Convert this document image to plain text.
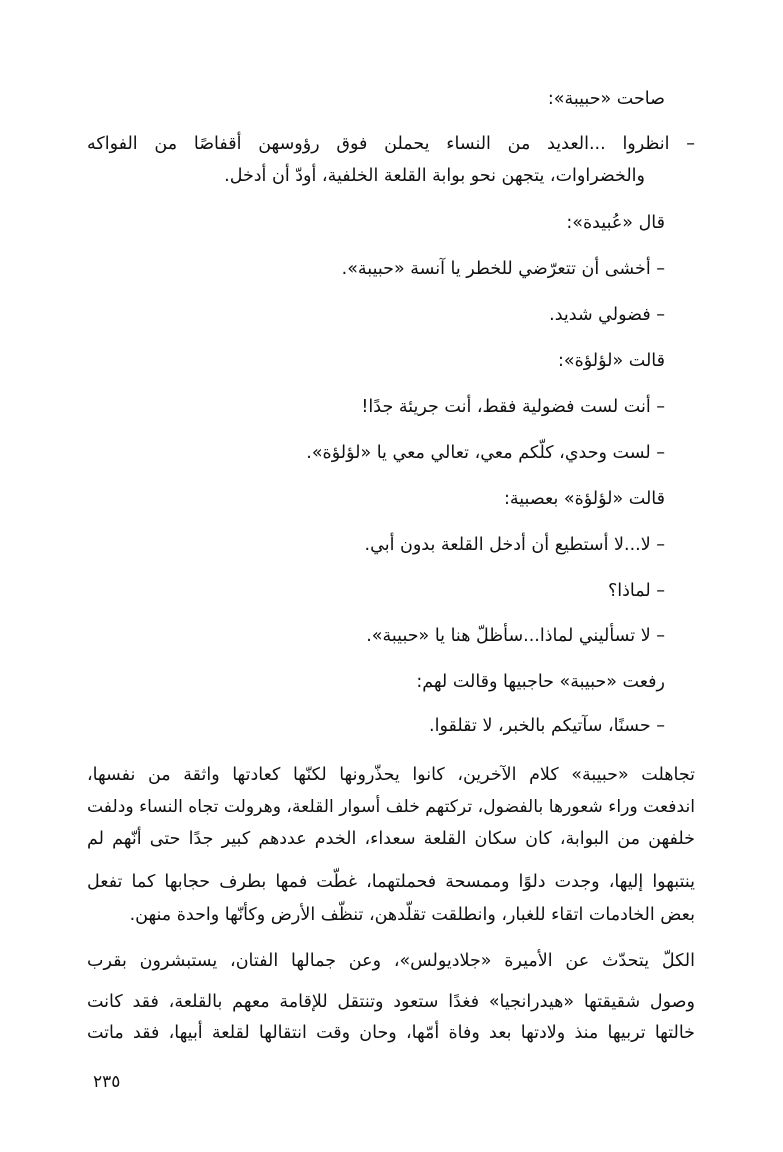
صاحت «حبيبة»:
– انظروا ...العديد من النساء يحملن فوق رؤوسهن أقفاصًا من الفواكه
والخضراوات، يتجهن نحو بوابة القلعة الخلفية، أودّ أن أدخل.
قال «عُبيدة»:
– أخشى أن تتعرّضي للخطر يا آنسة «حبيبة».
– فضولي شديد.
قالت «لؤلؤة»:
– أنت لست فضولية فقط، أنت جريئة جدًا!
– لست وحدي، كلّكم معي، تعالي معي يا «لؤلؤة».
قالت «لؤلؤة» بعصبية:
– لا...لا أستطيع أن أدخل القلعة بدون أبي.
– لماذا؟
– لا تسأليني لماذا...سأظلّ هنا يا «حبيبة».
رفعت «حبيبة» حاجبيها وقالت لهم:
– حسنًا، سآتيكم بالخبر، لا تقلقوا.
تجاهلت «حبيبة» كلام الآخرين، كانوا يحذّرونها لكنّها كعادتها واثقة من نفسها،
اندفعت وراء شعورها بالفضول، تركتهم خلف أسوار القلعة، وهرولت تجاه النساء ودلفت
خلفهن من البوابة، كان سكان القلعة سعداء، الخدم عددهم كبير جدًا حتى أنّهم لم
ينتبهوا إليها، وجدت دلوًا وممسحة فحملتهما، غطّت فمها بطرف حجابها كما تفعل
بعض الخادمات اتقاء للغبار، وانطلقت تقلّدهن، تنظّف الأرض وكأنّها واحدة منهن.
الكلّ يتحدّث عن الأميرة «جلاديولس»، وعن جمالها الفتان، يستبشرون بقرب
وصول شقيقتها «هيدرانجيا» فغدًا ستعود وتنتقل للإقامة معهم بالقلعة، فقد كانت
خالتها تربيها منذ ولادتها بعد وفاة أمّها، وحان وقت انتقالها لقلعة أبيها، فقد ماتت
٢٣٥
